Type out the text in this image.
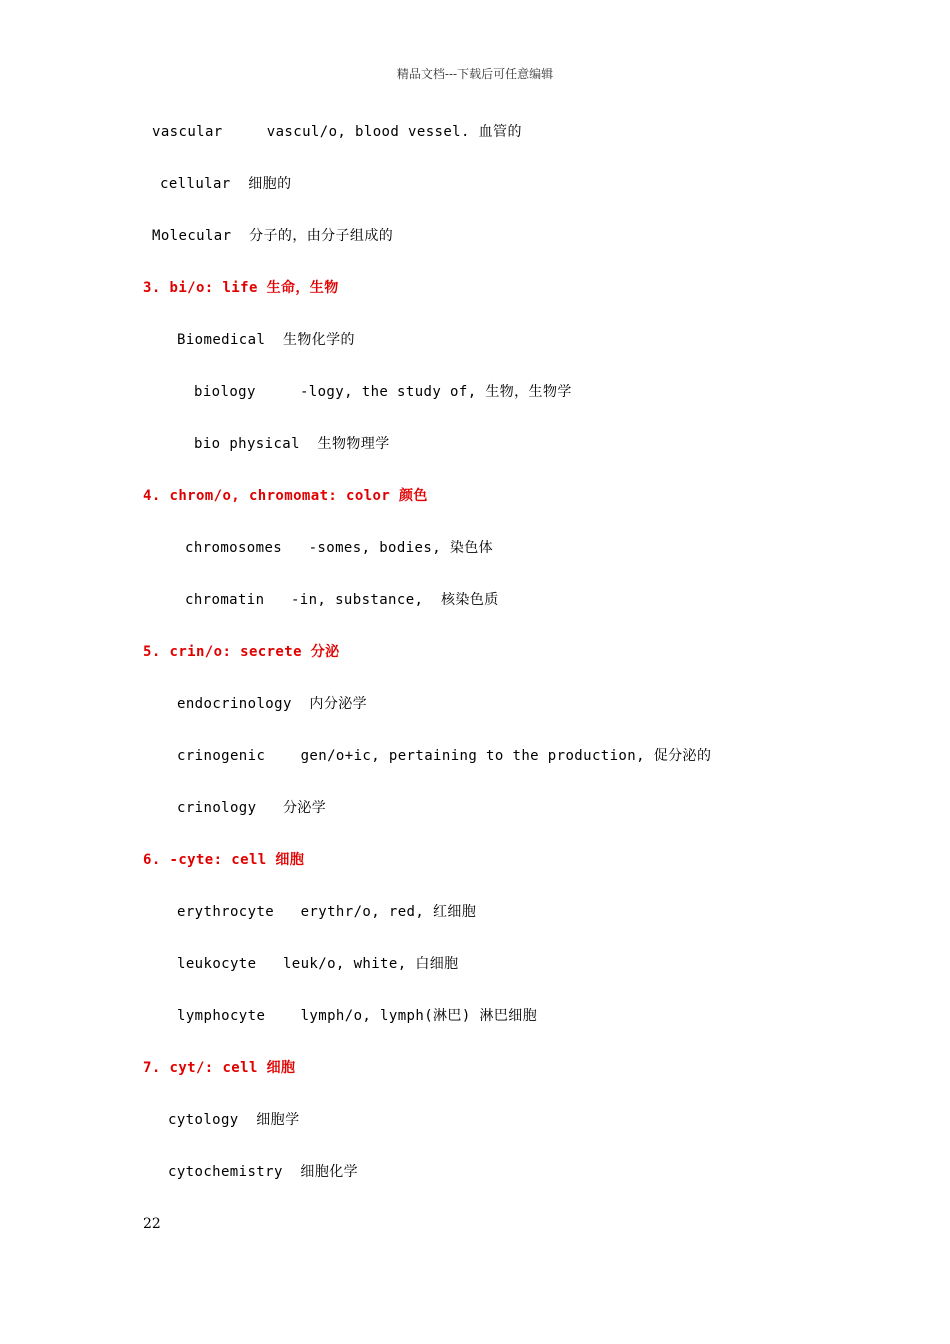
精品文档---下载后可任意编辑
vascular     vascul/o, blood vessel. 血管的
cellular  细胞的
Molecular  分子的，由分子组成的
3. bi/o: life 生命，生物
Biomedical  生物化学的
biology     -logy, the study of, 生物，生物学
bio physical  生物物理学
4. chrom/o, chromomat: color 颜色
chromosomes   -somes, bodies, 染色体
chromatin   -in, substance,  核染色质
5. crin/o: secrete 分泌
endocrinology  内分泌学
crinogenic    gen/o+ic, pertaining to the production, 促分泌的
crinology   分泌学
6. -cyte: cell 细胞
erythrocyte   erythr/o, red, 红细胞
leukocyte   leuk/o, white, 白细胞
lymphocyte    lymph/o, lymph(淋巴) 淋巴细胞
7. cyt/: cell 细胞
cytology  细胞学
cytochemistry  细胞化学
22
